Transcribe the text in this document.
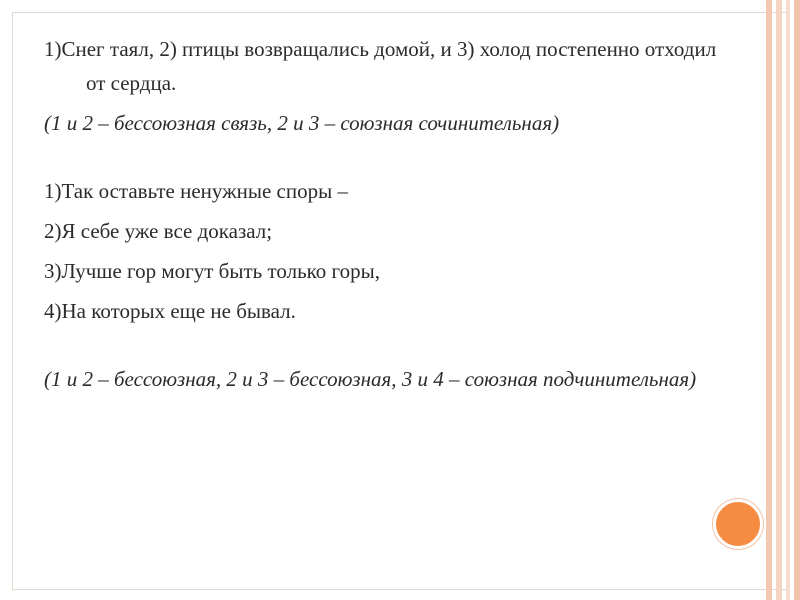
1)Снег таял, 2) птицы возвращались домой, и 3) холод постепенно отходил от сердца.

(1 и 2 – бессоюзная связь, 2 и 3 – союзная сочинительная)

1)Так оставьте ненужные споры –

2)Я себе уже все доказал;

3)Лучше гор могут быть только горы,

4)На которых еще не бывал.

(1 и 2 – бессоюзная, 2 и 3 – бессоюзная, 3 и 4 – союзная подчинительная)
